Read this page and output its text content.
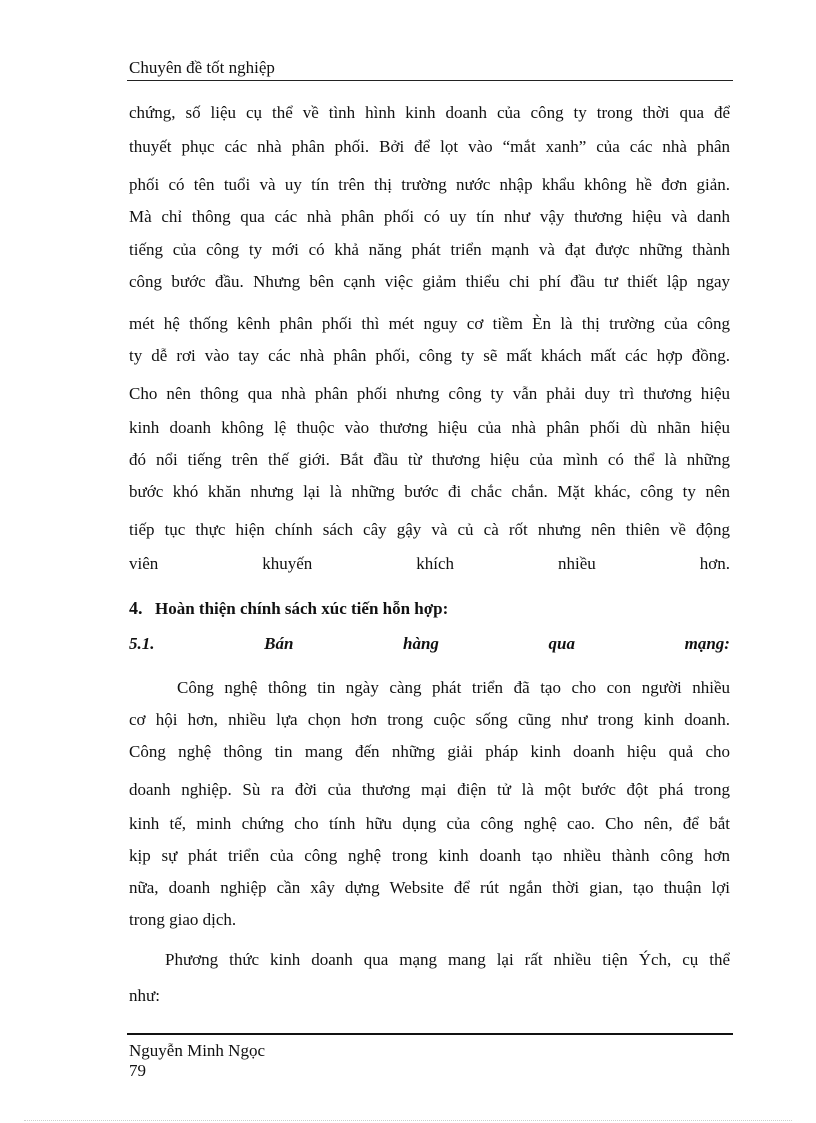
Chuyên đề tốt nghiệp
chứng, số liệu cụ thể về tình hình kinh doanh của công ty trong thời qua để
thuyết phục các nhà phân phối. Bởi để lọt vào “mắt xanh” của các nhà phân
phối có tên tuổi và uy tín trên thị trường nước nhập khẩu không hề đơn giản.
Mà chỉ thông qua các nhà phân phối có uy tín như vậy thương hiệu và danh
tiếng của công ty mới có khả năng phát triển mạnh và đạt được những thành
công bước đầu. Nhưng bên cạnh việc giảm thiểu chi phí đầu tư thiết lập ngay
mét hệ thống kênh phân phối thì mét nguy cơ tiềm Èn là thị trường của công
ty dễ rơi vào tay các nhà phân phối, công ty sẽ mất khách mất các hợp đồng.
Cho nên thông qua nhà phân phối nhưng công ty vẫn phải duy trì thương hiệu
kinh doanh không lệ thuộc vào thương hiệu của nhà phân phối dù nhãn hiệu
đó nổi tiếng trên thế giới. Bắt đầu từ thương hiệu của mình có thể là những
bước khó khăn nhưng lại là những bước đi chắc chắn. Mặt khác, công ty nên
tiếp tục thực hiện chính sách cây gậy và củ cà rốt nhưng nên thiên về động
viên khuyến khích nhiều hơn.
4. Hoàn thiện chính sách xúc tiến hỗn hợp:
5.1.	Bán	hàng	qua	mạng:
Công nghệ thông tin ngày càng phát triển đã tạo cho con người nhiều
cơ hội hơn, nhiều lựa chọn hơn trong cuộc sống cũng như trong kinh doanh.
Công nghệ thông tin mang đến những giải pháp kinh doanh hiệu quả cho
doanh nghiệp. Sù ra đời của thương mại điện tử là một bước đột phá trong
kinh tế, minh chứng cho tính hữu dụng của công nghệ cao. Cho nên, để bắt
kịp sự phát triển của công nghệ trong kinh doanh tạo nhiều thành công hơn
nữa, doanh nghiệp cần xây dựng Website để rút ngắn thời gian, tạo thuận lợi
trong giao dịch.
Phương thức kinh doanh qua mạng mang lại rất nhiều tiện Ých, cụ thể
như:
Nguyễn Minh Ngọc
79
